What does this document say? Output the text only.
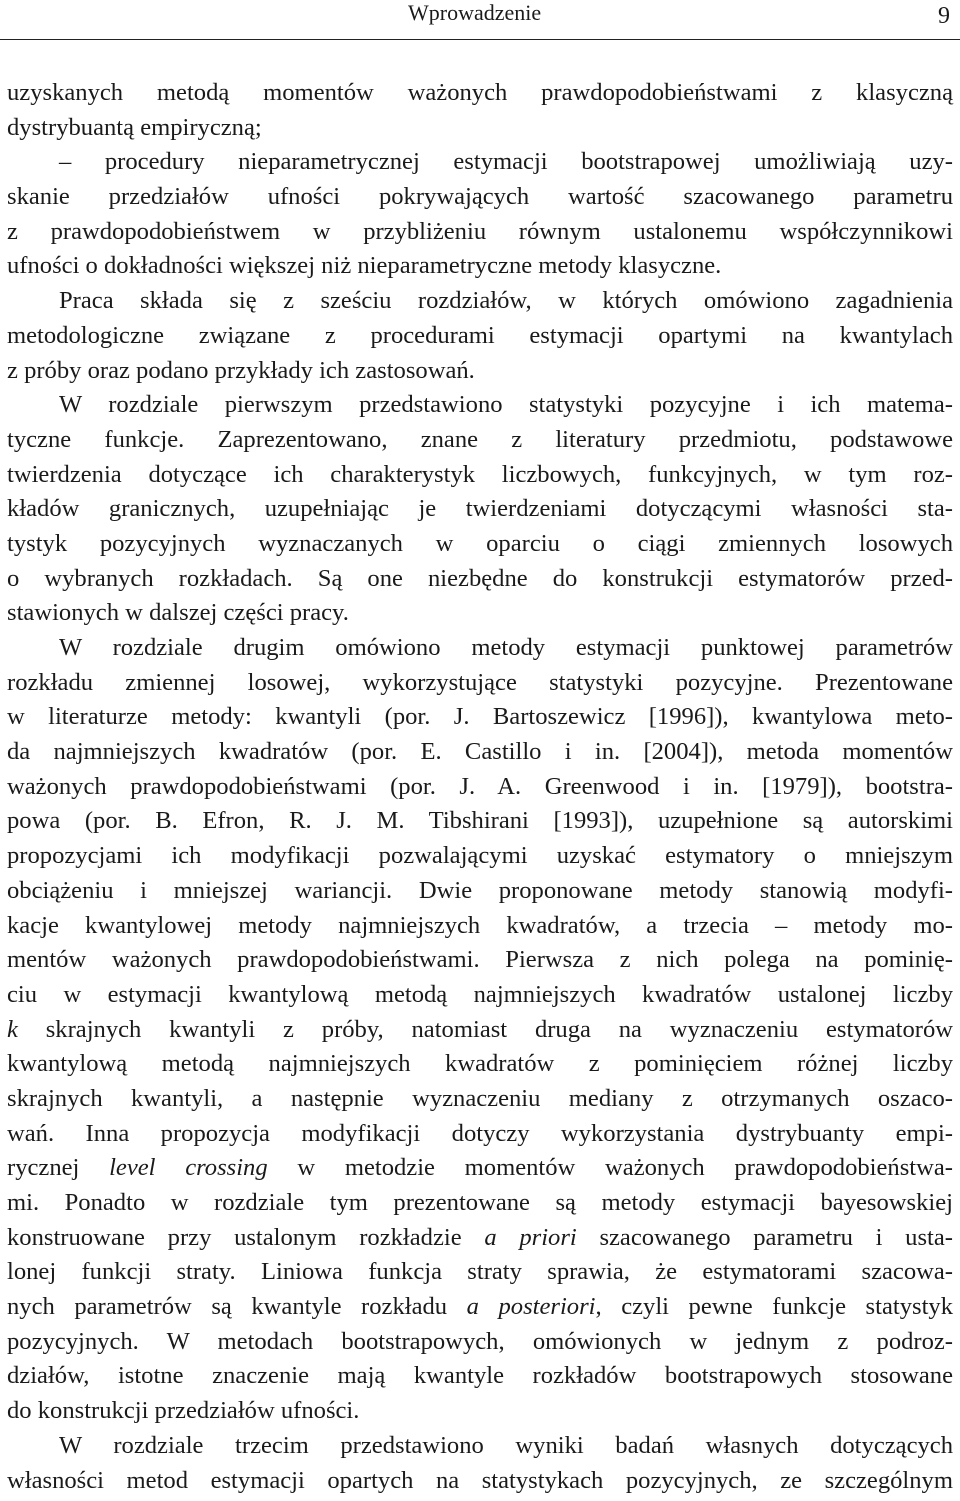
Wprowadzenie	9
uzyskanych metodą momentów ważonych prawdopodobieństwami z klasyczną
dystrybuantą empiryczną;
– procedury nieparametrycznej estymacji bootstrapowej umożliwiają uzy-
skanie przedziałów ufności pokrywających wartość szacowanego parametru
z prawdopodobieństwem w przybliżeniu równym ustalonemu współczynnikowi
ufności o dokładności większej niż nieparametryczne metody klasyczne.
Praca składa się z sześciu rozdziałów, w których omówiono zagadnienia
metodologiczne związane z procedurami estymacji opartymi na kwantylach
z próby oraz podano przykłady ich zastosowań.
W rozdziale pierwszym przedstawiono statystyki pozycyjne i ich matema-
tyczne funkcje. Zaprezentowano, znane z literatury przedmiotu, podstawowe
twierdzenia dotyczące ich charakterystyk liczbowych, funkcyjnych, w tym roz-
kładów granicznych, uzupełniając je twierdzeniami dotyczącymi własności sta-
tystyk pozycyjnych wyznaczanych w oparciu o ciągi zmiennych losowych
o wybranych rozkładach. Są one niezbędne do konstrukcji estymatorów przed-
stawionych w dalszej części pracy.
W rozdziale drugim omówiono metody estymacji punktowej parametrów
rozkładu zmiennej losowej, wykorzystujące statystyki pozycyjne. Prezentowane
w literaturze metody: kwantyli (por. J. Bartoszewicz [1996]), kwantylowa meto-
da najmniejszych kwadratów (por. E. Castillo i in. [2004]), metoda momentów
ważonych prawdopodobieństwami (por. J. A. Greenwood i in. [1979]), bootstra-
powa (por. B. Efron, R. J. M. Tibshirani [1993]), uzupełnione są autorskimi
propozycjami ich modyfikacji pozwalającymi uzyskać estymatory o mniejszym
obciążeniu i mniejszej wariancji. Dwie proponowane metody stanowią modyfi-
kacje kwantylowej metody najmniejszych kwadratów, a trzecia – metody mo-
mentów ważonych prawdopodobieństwami. Pierwsza z nich polega na pominię-
ciu w estymacji kwantylową metodą najmniejszych kwadratów ustalonej liczby
k skrajnych kwantyli z próby, natomiast druga na wyznaczeniu estymatorów
kwantylową metodą najmniejszych kwadratów z pominięciem różnej liczby
skrajnych kwantyli, a następnie wyznaczeniu mediany z otrzymanych oszaco-
wań. Inna propozycja modyfikacji dotyczy wykorzystania dystrybuanty empi-
rycznej level crossing w metodzie momentów ważonych prawdopodobieństwa-
mi. Ponadto w rozdziale tym prezentowane są metody estymacji bayesowskiej
konstruowane przy ustalonym rozkładzie a priori szacowanego parametru i usta-
lonej funkcji straty. Liniowa funkcja straty sprawia, że estymatorami szacowa-
nych parametrów są kwantyle rozkładu a posteriori, czyli pewne funkcje statystyk
pozycyjnych. W metodach bootstrapowych, omówionych w jednym z podroz-
działów, istotne znaczenie mają kwantyle rozkładów bootstrapowych stosowane
do konstrukcji przedziałów ufności.
W rozdziale trzecim przedstawiono wyniki badań własnych dotyczących
własności metod estymacji opartych na statystykach pozycyjnych, ze szczególnym
